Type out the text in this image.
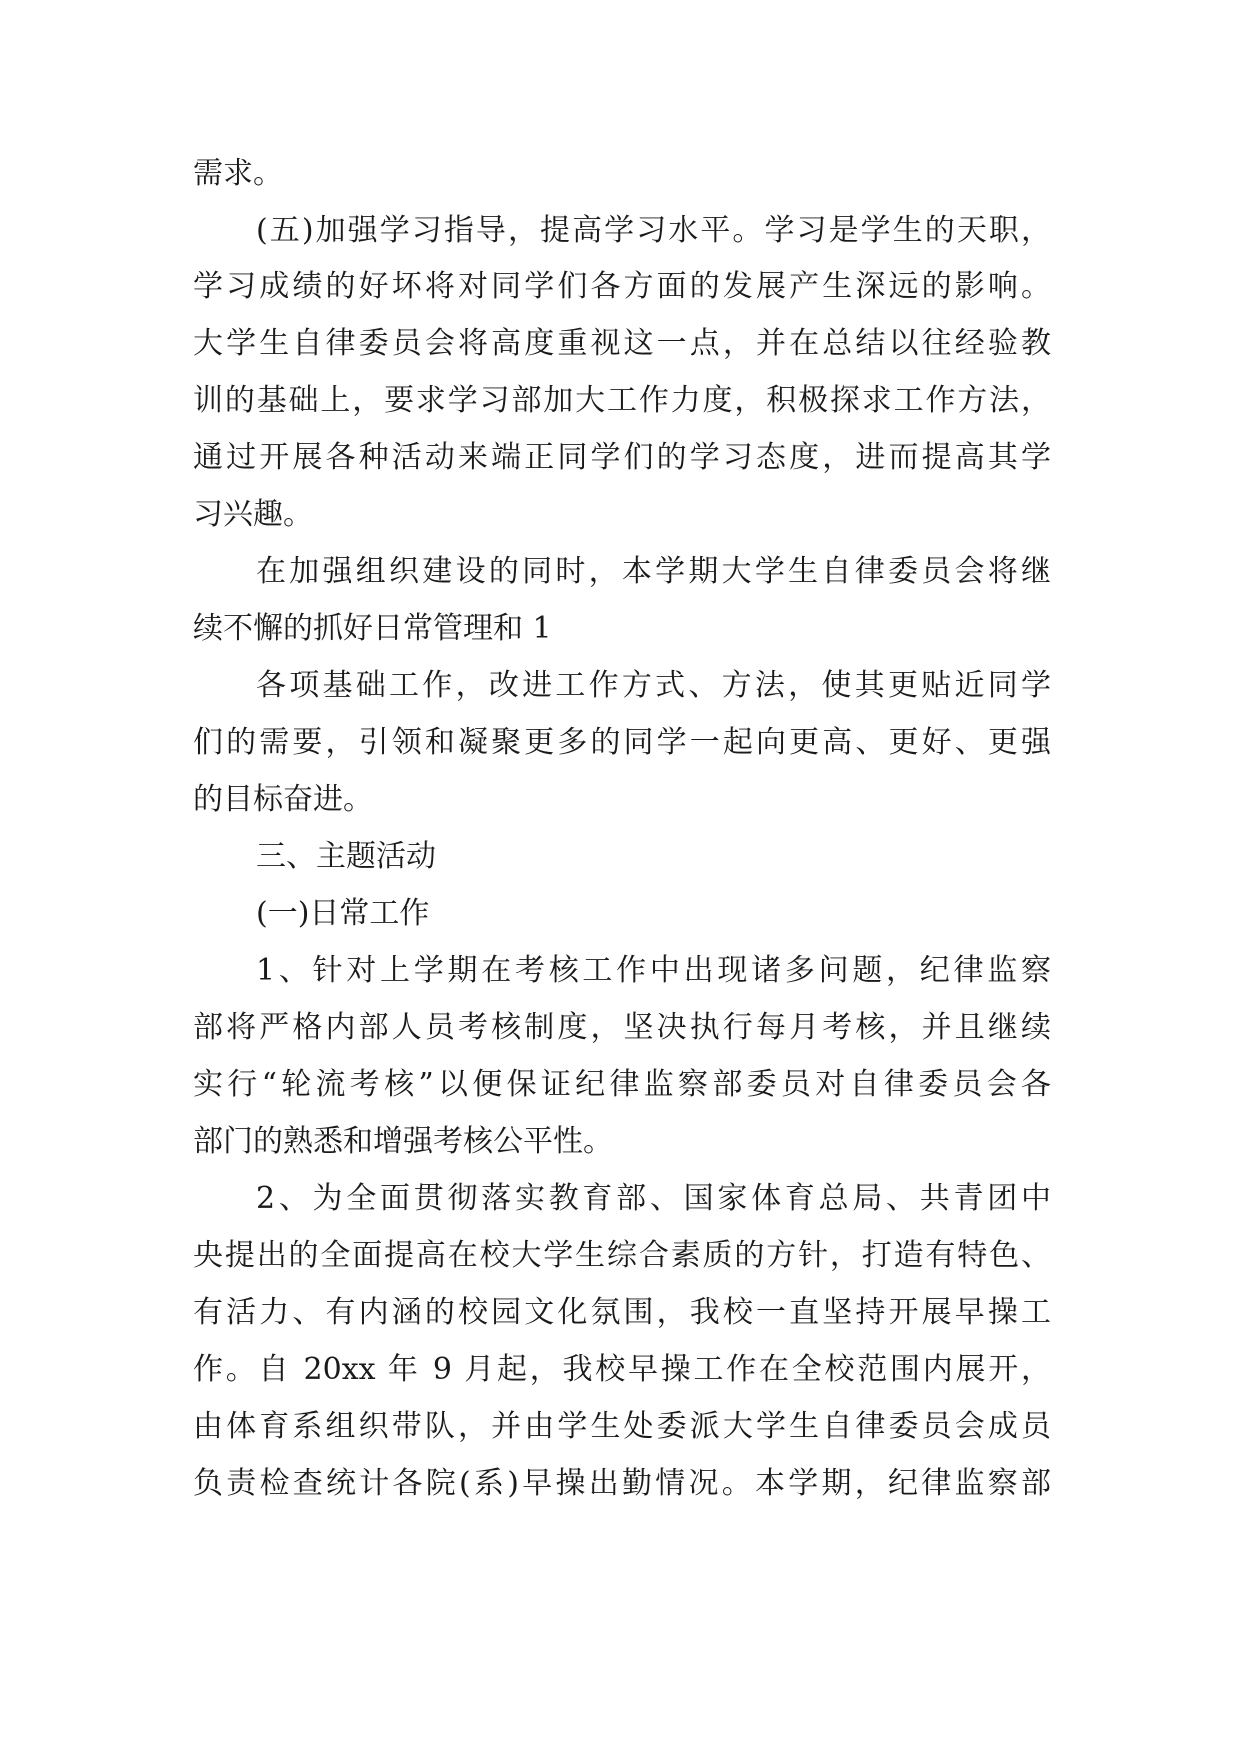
需求。
(五)加强学习指导，提高学习水平。学习是学生的天职，
学习成绩的好坏将对同学们各方面的发展产生深远的影响。
大学生自律委员会将高度重视这一点，并在总结以往经验教
训的基础上，要求学习部加大工作力度，积极探求工作方法，
通过开展各种活动来端正同学们的学习态度，进而提高其学
习兴趣。
在加强组织建设的同时，本学期大学生自律委员会将继
续不懈的抓好日常管理和 1
各项基础工作，改进工作方式、方法，使其更贴近同学
们的需要，引领和凝聚更多的同学一起向更高、更好、更强
的目标奋进。
三、主题活动
(一)日常工作
1、针对上学期在考核工作中出现诸多问题，纪律监察
部将严格内部人员考核制度，坚决执行每月考核，并且继续
实行“轮流考核”以便保证纪律监察部委员对自律委员会各
部门的熟悉和增强考核公平性。
2、为全面贯彻落实教育部、国家体育总局、共青团中
央提出的全面提高在校大学生综合素质的方针，打造有特色、
有活力、有内涵的校园文化氛围，我校一直坚持开展早操工
作。自 20xx 年 9 月起，我校早操工作在全校范围内展开，
由体育系组织带队，并由学生处委派大学生自律委员会成员
负责检查统计各院(系)早操出勤情况。本学期，纪律监察部
